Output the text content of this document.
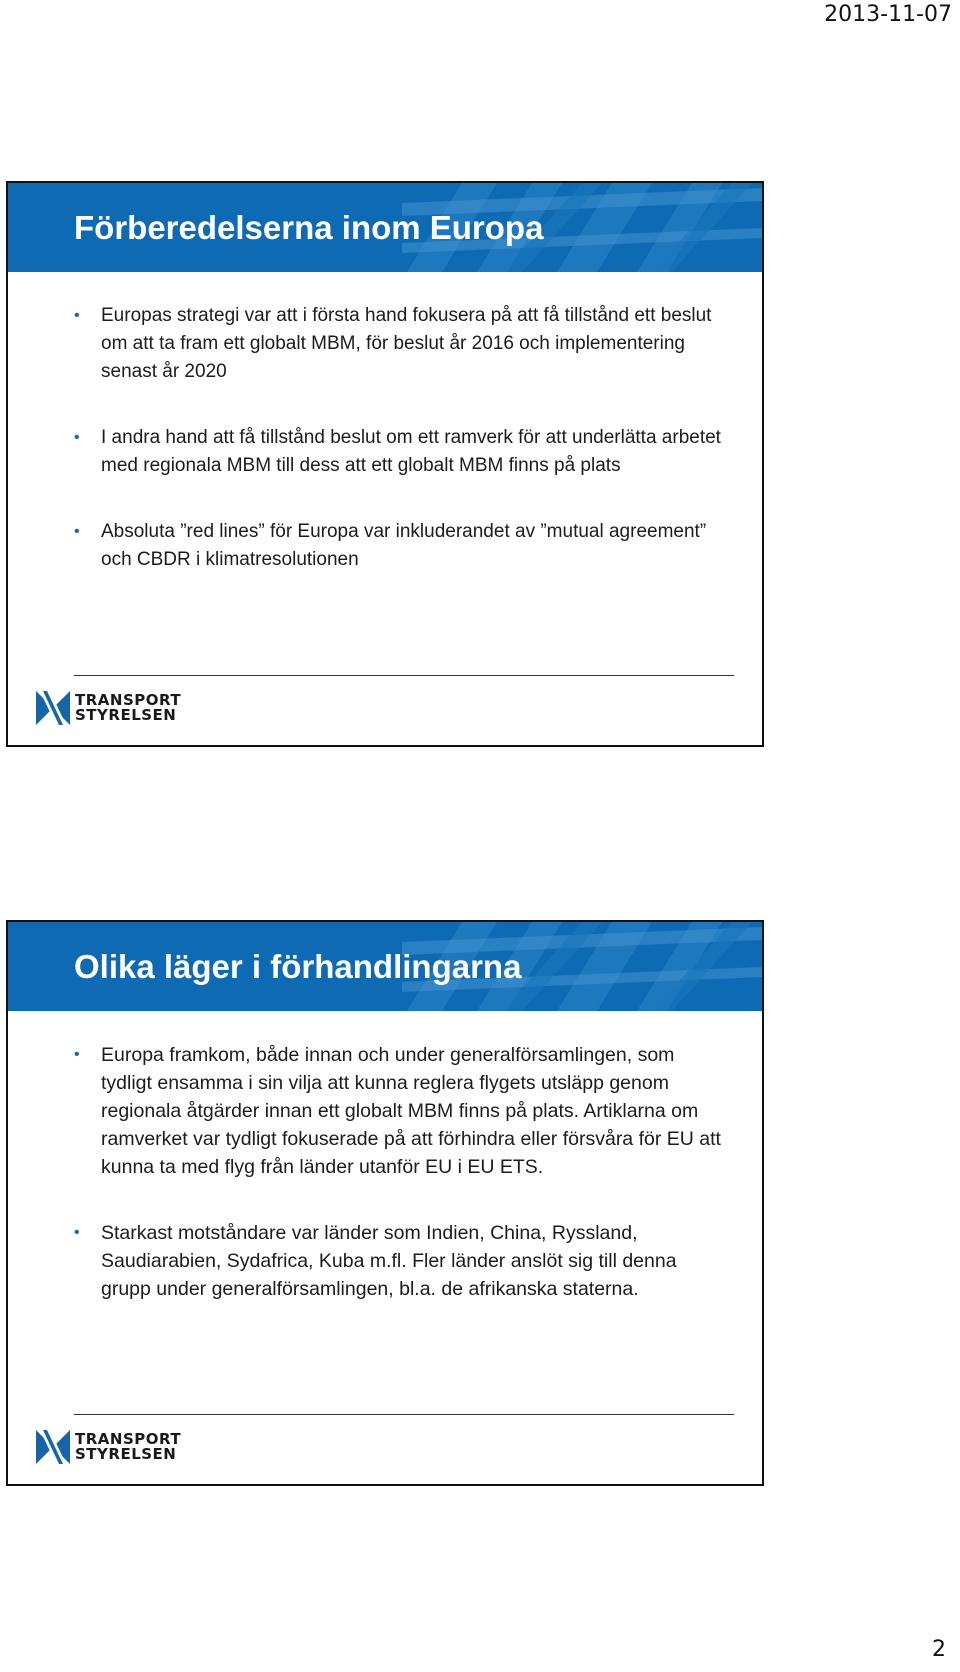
2013-11-07
Förberedelserna inom Europa
• Europas strategi var att i första hand fokusera på att få tillstånd ett beslut om att ta fram ett globalt MBM, för beslut år 2016 och implementering senast år 2020
• I andra hand att få tillstånd beslut om ett ramverk för att underlätta arbetet med regionala MBM till dess att ett globalt MBM finns på plats
• Absoluta ”red lines” för Europa var inkluderandet av ”mutual agreement” och CBDR i klimatresolutionen
TRANSPORT
STYRELSEN
Olika läger i förhandlingarna
• Europa framkom, både innan och under generalförsamlingen, som tydligt ensamma i sin vilja att kunna reglera flygets utsläpp genom regionala åtgärder innan ett globalt MBM finns på plats. Artiklarna om ramverket var tydligt fokuserade på att förhindra eller försvåra för EU att kunna ta med flyg från länder utanför EU i EU ETS.
• Starkast motståndare var länder som Indien, China, Ryssland, Saudiarabien, Sydafrica, Kuba m.fl. Fler länder anslöt sig till denna grupp under generalförsamlingen, bl.a. de afrikanska staterna.
TRANSPORT
STYRELSEN
2
